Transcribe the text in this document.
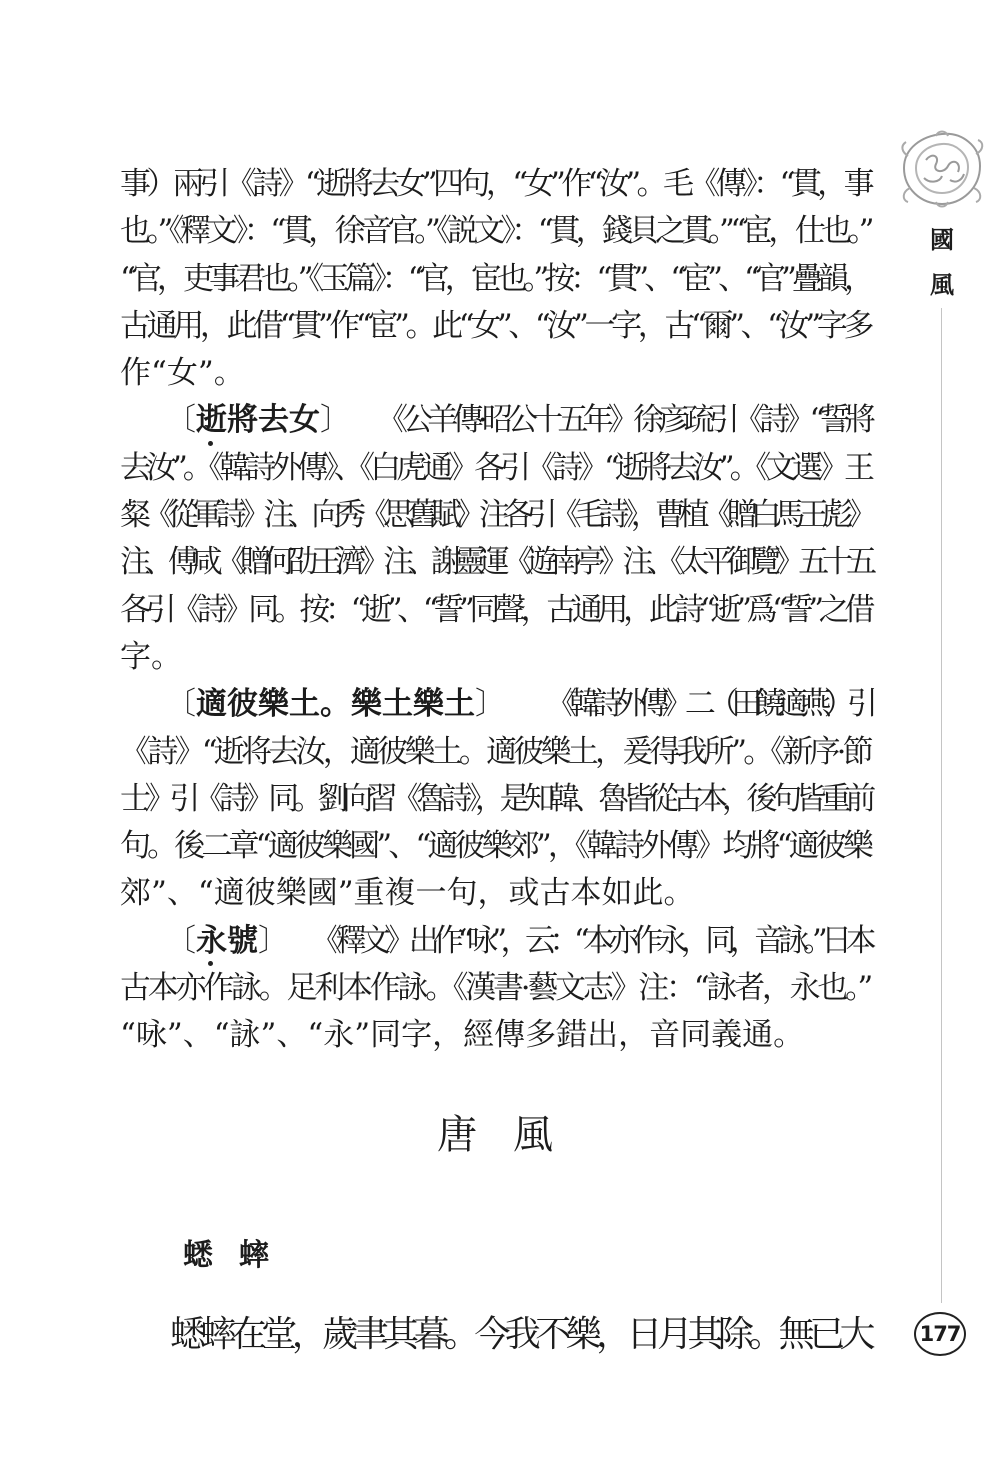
國
風
177
事）兩引《詩》“逝將去女”四句，“女”作“汝”。毛《傳》：“貫，事
也。”《釋文》：“貫，徐音官。”《説文》：“貫，錢貝之貫。”“宦，仕也。”
“官，吏事君也。”《玉篇》：“官，宦也。”按：“貫”、“宦”、“官”疊韻，
古通用，此借“貫”作“宦”。此“女”、“汝”一字，古“爾”、“汝”字多
作“女”。
〔 逝將去女 〕 《公羊傳·昭公十五年》徐彦疏引《詩》“誓將
去汝”。《韓詩外傳》、《白虎通》各引《詩》“逝將去汝”。《文選》王
粲《從軍詩》注、向秀《思舊賦》注各引《毛詩》，曹植《贈白馬王彪》
注、傅咸《贈何劭王濟》注、謝靈運《遊南亭》注、《太平御覽》五十五
各引《詩》同。按：“逝”、“誓”同聲，古通用，此詩“逝”爲“誓”之借
字。
〔 適彼樂土。樂土樂土 〕 《韓詩外傳》二（田饒適燕）引
《詩》“逝将去汝，適彼樂土。適彼樂土，爰得我所”。《新序·節
士》引《詩》同。劉向習《魯詩》，是知韓、魯皆從古本，後句皆重前
句。後二章“適彼樂國”、“適彼樂郊”，《韓詩外傳》均將“適彼樂
郊”、“適彼樂國”重複一句，或古本如此。
〔 永號 〕 《釋文》出作“咏”，云：“本亦作永，同，音詠。”日本
古本亦作詠。足利本作詠。《漢書·藝文志》注：“詠者，永也。”
“咏”、“詠”、“永”同字，經傳多錯出，音同義通。
唐風
蟋蟀
蟋蟀在堂，歲聿其暮。今我不樂，日月其除。無已大
